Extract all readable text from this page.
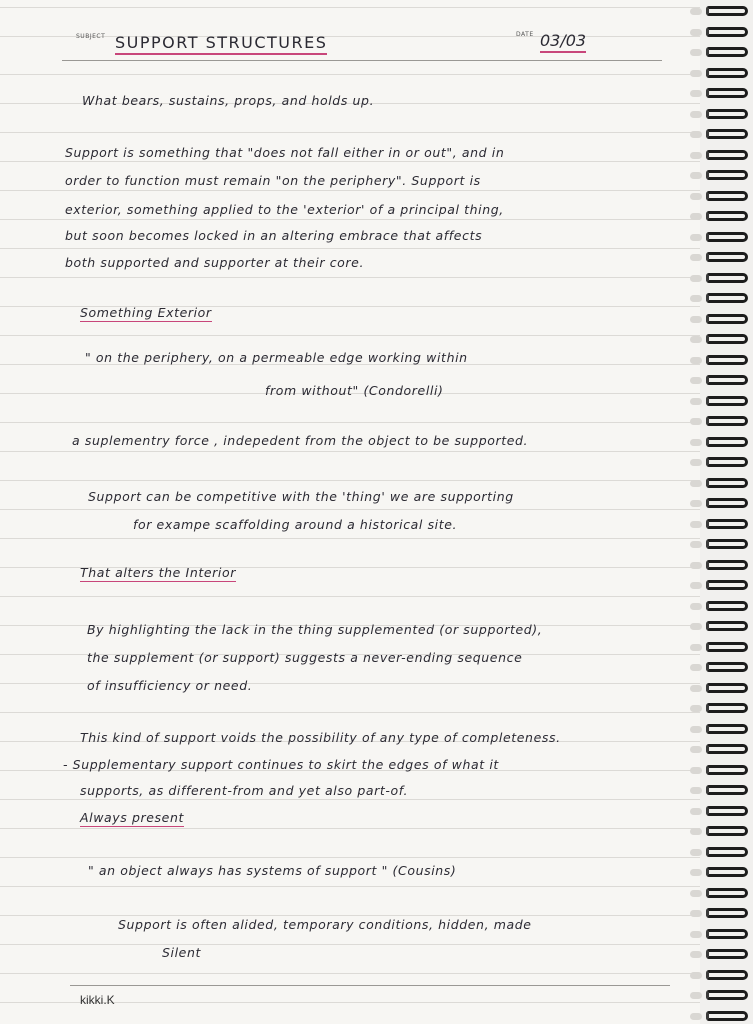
SUBJECT	DATE
SUPPORT STRUCTURES	03/03

What bears, sustains, props, and holds up.

Support is something that "does not fall either in or out", and in

order to function must remain "on the periphery". Support is

exterior, something applied to the 'exterior' of a principal thing,

but soon becomes locked in an altering embrace that affects

both supported and supporter at their core.

Something Exterior

" on the periphery, on a permeable edge working within

from without" (Condorelli)

a suplementry force , indepedent from the object to be supported.

Support can be competitive with the 'thing' we are supporting

for exampe scaffolding around a historical site.

That alters the Interior

By highlighting the lack in the thing supplemented (or supported),

the supplement (or support) suggests a never-ending sequence

of insufficiency or need.

This kind of support voids the possibility of any type of completeness.

- Supplementary support continues to skirt the edges of what it

supports, as different-from and yet also part-of.

Always present

" an object always has systems of support " (Cousins)

Support is often alided, temporary conditions, hidden, made

Silent

kikki.K
